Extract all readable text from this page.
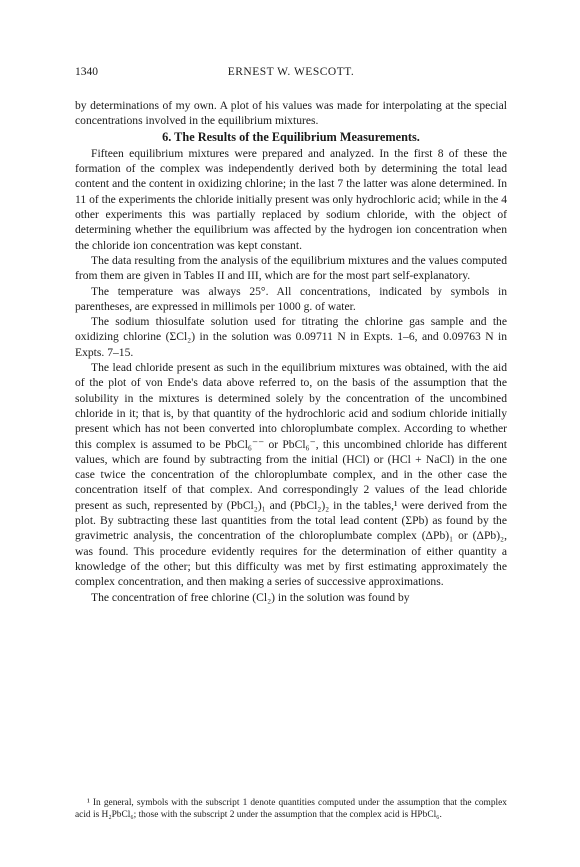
1340	ERNEST W. WESCOTT.

by determinations of my own. A plot of his values was made for interpolating at the special concentrations involved in the equilibrium mixtures.

6. The Results of the Equilibrium Measurements.

Fifteen equilibrium mixtures were prepared and analyzed. In the first 8 of these the formation of the complex was independently derived both by determining the total lead content and the content in oxidizing chlorine; in the last 7 the latter was alone determined. In 11 of the experiments the chloride initially present was only hydrochloric acid; while in the 4 other experiments this was partially replaced by sodium chloride, with the object of determining whether the equilibrium was affected by the hydrogen ion concentration when the chloride ion concentration was kept constant.

The data resulting from the analysis of the equilibrium mixtures and the values computed from them are given in Tables II and III, which are for the most part self-explanatory.

The temperature was always 25°. All concentrations, indicated by symbols in parentheses, are expressed in millimols per 1000 g. of water.

The sodium thiosulfate solution used for titrating the chlorine gas sample and the oxidizing chlorine (ΣCl₂) in the solution was 0.09711 N in Expts. 1–6, and 0.09763 N in Expts. 7–15.

The lead chloride present as such in the equilibrium mixtures was obtained, with the aid of the plot of von Ende's data above referred to, on the basis of the assumption that the solubility in the mixtures is determined solely by the concentration of the uncombined chloride in it; that is, by that quantity of the hydrochloric acid and sodium chloride initially present which has not been converted into chloroplumbate complex. According to whether this complex is assumed to be PbCl₆⁻⁻ or PbCl₆⁻, this uncombined chloride has different values, which are found by subtracting from the initial (HCl) or (HCl + NaCl) in the one case twice the concentration of the chloroplumbate complex, and in the other case the concentration itself of that complex. And correspondingly 2 values of the lead chloride present as such, represented by (PbCl₂)₁ and (PbCl₂)₂ in the tables,¹ were derived from the plot. By subtracting these last quantities from the total lead content (ΣPb) as found by the gravimetric analysis, the concentration of the chloroplumbate complex (ΔPb)₁ or (ΔPb)₂, was found. This procedure evidently requires for the determination of either quantity a knowledge of the other; but this difficulty was met by first estimating approximately the complex concentration, and then making a series of successive approximations.

The concentration of free chlorine (Cl₂) in the solution was found by

¹ In general, symbols with the subscript 1 denote quantities computed under the assumption that the complex acid is H₂PbCl₆; those with the subscript 2 under the assumption that the complex acid is HPbCl₆.
